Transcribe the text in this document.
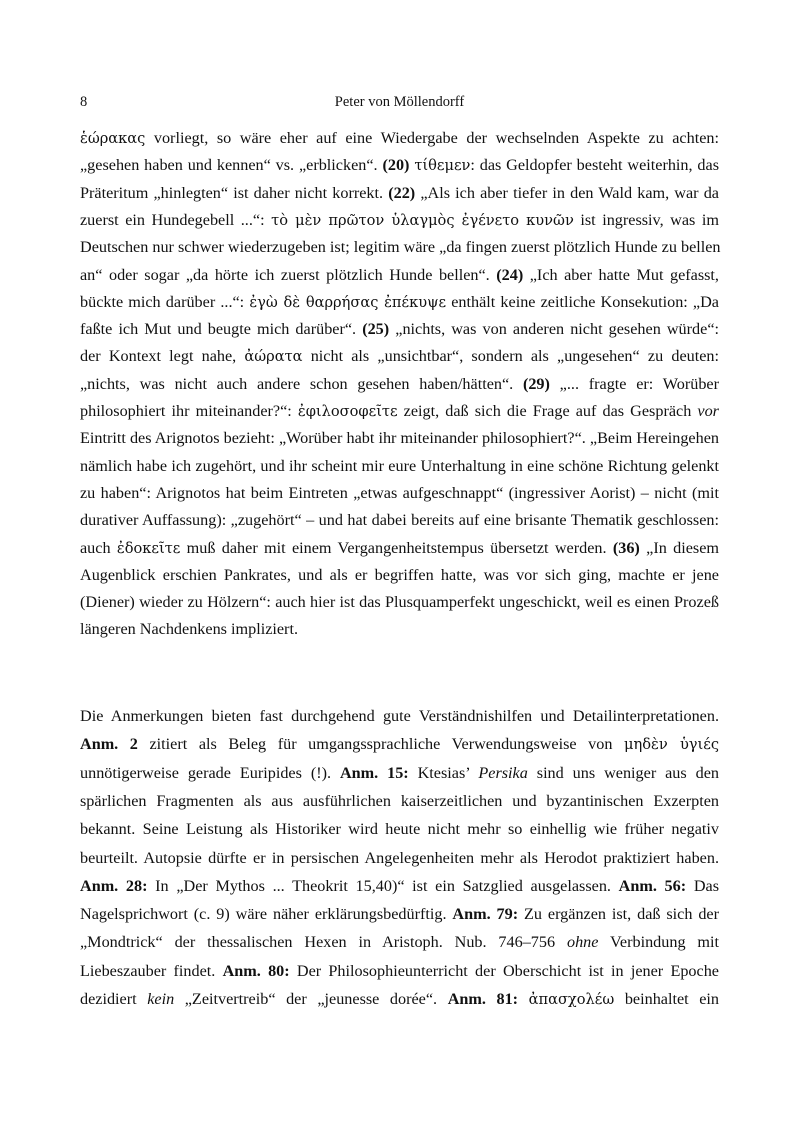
8	Peter von Möllendorff
ἑώρακας vorliegt, so wäre eher auf eine Wiedergabe der wechselnden Aspekte zu achten:
„gesehen haben und kennen“ vs. „erblicken“. (20) τίθεμεν: das Geldopfer besteht weiterhin, das
Präteritum „hinlegten“ ist daher nicht korrekt. (22) „Als ich aber tiefer in den Wald kam, war da
zuerst ein Hundegebell ...“: τὸ μὲν πρῶτον ὑλαγμὸς ἐγένετο κυνῶν ist ingressiv, was im
Deutschen nur schwer wiederzugeben ist; legitim wäre „da fingen zuerst plötzlich Hunde zu bellen
an“ oder sogar „da hörte ich zuerst plötzlich Hunde bellen“. (24) „Ich aber hatte Mut gefasst,
bückte mich darüber ...“: ἐγὼ δὲ θαρρήσας ἐπέκυψε enthält keine zeitliche Konsekution: „Da
faßte ich Mut und beugte mich darüber“. (25) „nichts, was von anderen nicht gesehen würde“:
der Kontext legt nahe, ἀώρατα nicht als „unsichtbar“, sondern als „ungesehen“ zu deuten:
„nichts, was nicht auch andere schon gesehen haben/hätten“. (29) „... fragte er: Worüber
philosophiert ihr miteinander?“: ἐφιλοσοφεῖτε zeigt, daß sich die Frage auf das Gespräch vor
Eintritt des Arignotos bezieht: „Worüber habt ihr miteinander philosophiert?“. „Beim Hereingehen
nämlich habe ich zugehört, und ihr scheint mir eure Unterhaltung in eine schöne Richtung gelenkt
zu haben“: Arignotos hat beim Eintreten „etwas aufgeschnappt“ (ingressiver Aorist) – nicht (mit
durativer Auffassung): „zugehört“ – und hat dabei bereits auf eine brisante Thematik geschlossen:
auch ἐδοκεῖτε muß daher mit einem Vergangenheitstempus übersetzt werden. (36) „In diesem
Augenblick erschien Pankrates, und als er begriffen hatte, was vor sich ging, machte er jene
(Diener) wieder zu Hölzern“: auch hier ist das Plusquamperfekt ungeschickt, weil es einen Prozeß
längeren Nachdenkens impliziert.
Die Anmerkungen bieten fast durchgehend gute Verständnishilfen und Detailinterpretationen.
Anm. 2 zitiert als Beleg für umgangssprachliche Verwendungsweise von μηδὲν ὑγιές
unnötigerweise gerade Euripides (!). Anm. 15: Ktesias’ Persika sind uns weniger aus den
spärlichen Fragmenten als aus ausführlichen kaiserzeitlichen und byzantinischen Exzerpten
bekannt. Seine Leistung als Historiker wird heute nicht mehr so einhellig wie früher negativ
beurteilt. Autopsie dürfte er in persischen Angelegenheiten mehr als Herodot praktiziert haben.
Anm. 28: In „Der Mythos ... Theokrit 15,40)“ ist ein Satzglied ausgelassen. Anm. 56: Das
Nagelsprichwort (c. 9) wäre näher erklärungsbedürftig. Anm. 79: Zu ergänzen ist, daß sich der
„Mondtrick“ der thessalischen Hexen in Aristoph. Nub. 746–756 ohne Verbindung mit
Liebeszauber findet. Anm. 80: Der Philosophieunterricht der Oberschicht ist in jener Epoche
dezidiert kein „Zeitvertreib“ der „jeunesse dorée“. Anm. 81: ἀπασχολέω beinhaltet ein
